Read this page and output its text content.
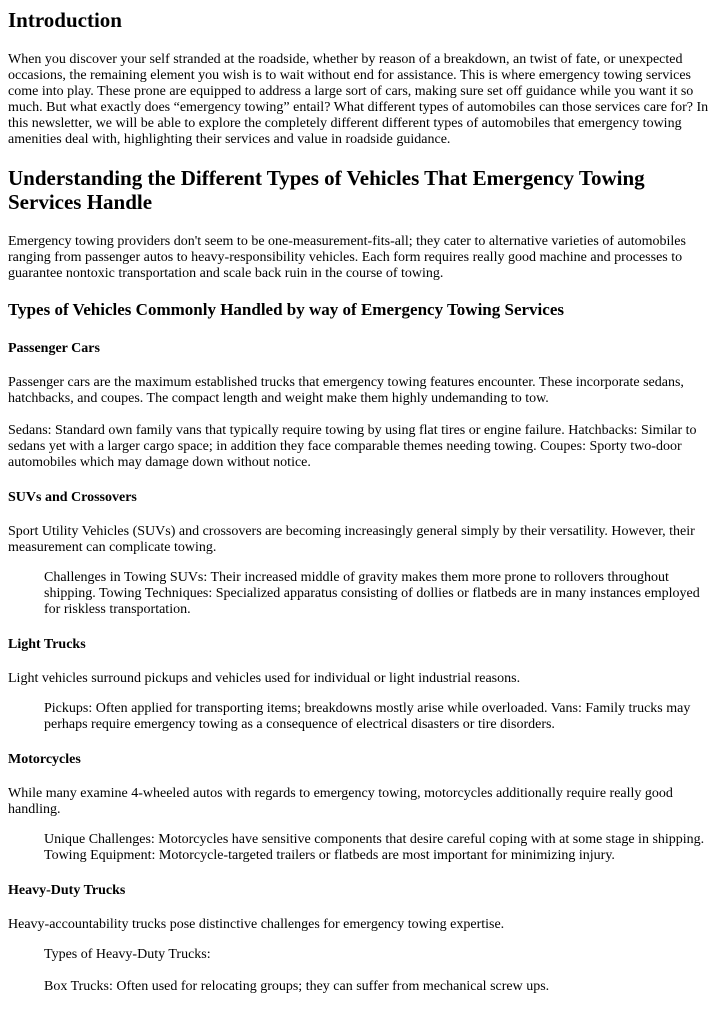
Introduction

When you discover your self stranded at the roadside, whether by reason of a breakdown, an twist of fate, or unexpected occasions, the remaining element you wish is to wait without end for assistance. This is where emergency towing services come into play. These prone are equipped to address a large sort of cars, making sure set off guidance while you want it so much. But what exactly does “emergency towing” entail? What different types of automobiles can those services care for? In this newsletter, we will be able to explore the completely different different types of automobiles that emergency towing amenities deal with, highlighting their services and value in roadside guidance.

Understanding the Different Types of Vehicles That Emergency Towing Services Handle

Emergency towing providers don't seem to be one-measurement-fits-all; they cater to alternative varieties of automobiles ranging from passenger autos to heavy-responsibility vehicles. Each form requires really good machine and processes to guarantee nontoxic transportation and scale back ruin in the course of towing.

Types of Vehicles Commonly Handled by way of Emergency Towing Services
Passenger Cars

Passenger cars are the maximum established trucks that emergency towing features encounter. These incorporate sedans, hatchbacks, and coupes. The compact length and weight make them highly undemanding to tow.

Sedans: Standard own family vans that typically require towing by using flat tires or engine failure. Hatchbacks: Similar to sedans yet with a larger cargo space; in addition they face comparable themes needing towing. Coupes: Sporty two-door automobiles which may damage down without notice.

SUVs and Crossovers

Sport Utility Vehicles (SUVs) and crossovers are becoming increasingly general simply by their versatility. However, their measurement can complicate towing.

Challenges in Towing SUVs: Their increased middle of gravity makes them more prone to rollovers throughout shipping. Towing Techniques: Specialized apparatus consisting of dollies or flatbeds are in many instances employed for riskless transportation.
Light Trucks

Light vehicles surround pickups and vehicles used for individual or light industrial reasons.

Pickups: Often applied for transporting items; breakdowns mostly arise while overloaded. Vans: Family trucks may perhaps require emergency towing as a consequence of electrical disasters or tire disorders.
Motorcycles

While many examine 4-wheeled autos with regards to emergency towing, motorcycles additionally require really good handling.

Unique Challenges: Motorcycles have sensitive components that desire careful coping with at some stage in shipping. Towing Equipment: Motorcycle-targeted trailers or flatbeds are most important for minimizing injury.
Heavy-Duty Trucks

Heavy-accountability trucks pose distinctive challenges for emergency towing expertise.

Types of Heavy-Duty Trucks:
Box Trucks: Often used for relocating groups; they can suffer from mechanical screw ups.
